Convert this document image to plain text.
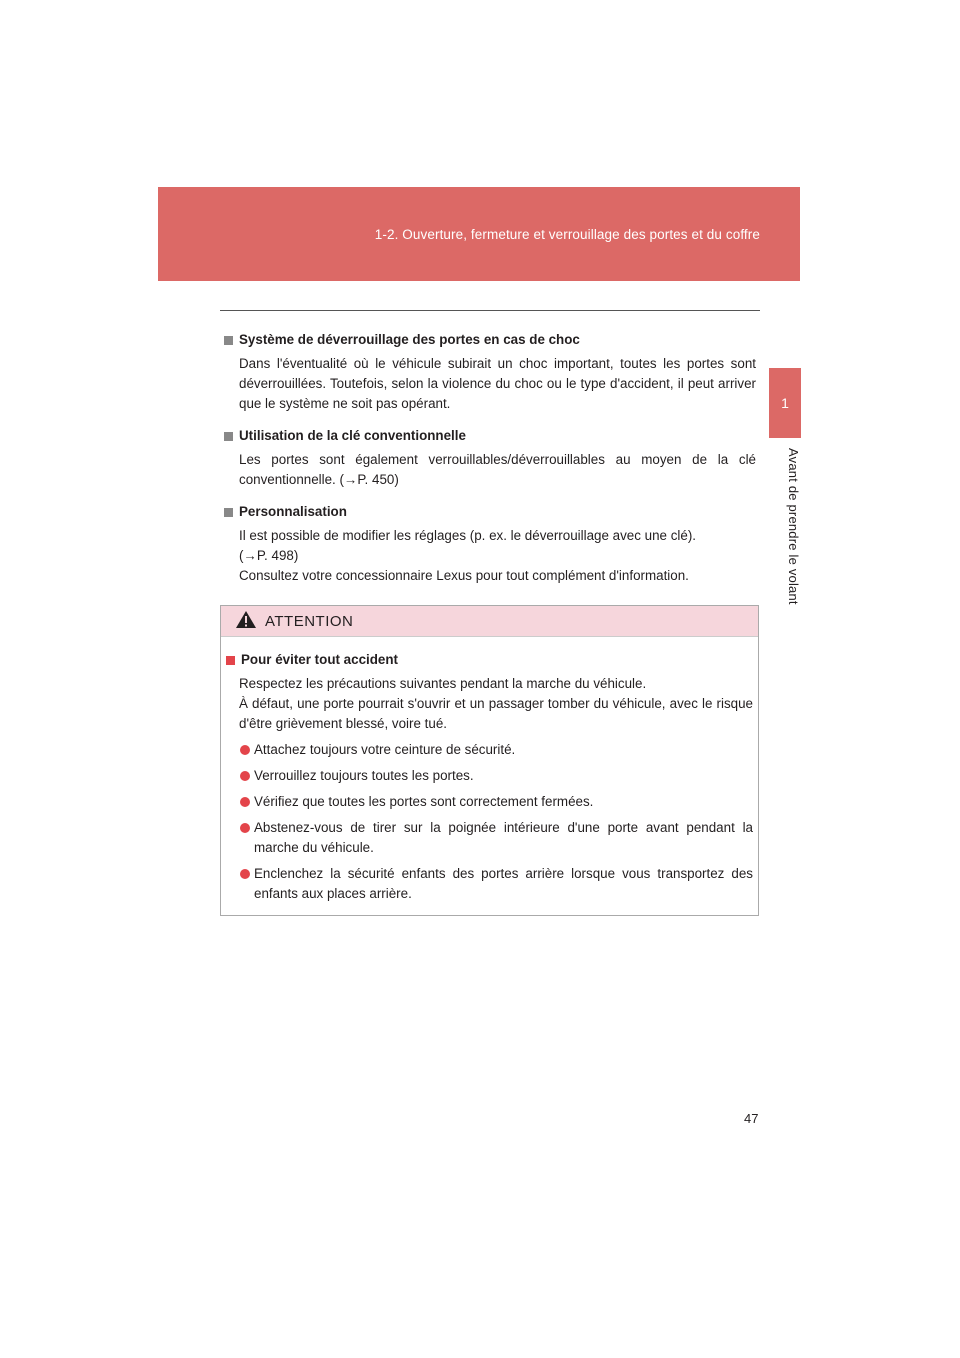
1-2. Ouverture, fermeture et verrouillage des portes et du coffre
1
Avant de prendre le volant
Système de déverrouillage des portes en cas de choc
Dans l'éventualité où le véhicule subirait un choc important, toutes les portes sont déverrouillées. Toutefois, selon la violence du choc ou le type d'accident, il peut arriver que le système ne soit pas opérant.
Utilisation de la clé conventionnelle
Les portes sont également verrouillables/déverrouillables au moyen de la clé conventionnelle. (→P. 450)
Personnalisation
Il est possible de modifier les réglages (p. ex. le déverrouillage avec une clé).
(→P. 498)
Consultez votre concessionnaire Lexus pour tout complément d'information.
ATTENTION
Pour éviter tout accident
Respectez les précautions suivantes pendant la marche du véhicule.
À défaut, une porte pourrait s'ouvrir et un passager tomber du véhicule, avec le risque d'être grièvement blessé, voire tué.
Attachez toujours votre ceinture de sécurité.
Verrouillez toujours toutes les portes.
Vérifiez que toutes les portes sont correctement fermées.
Abstenez-vous de tirer sur la poignée intérieure d'une porte avant pendant la marche du véhicule.
Enclenchez la sécurité enfants des portes arrière lorsque vous transportez des enfants aux places arrière.
47
